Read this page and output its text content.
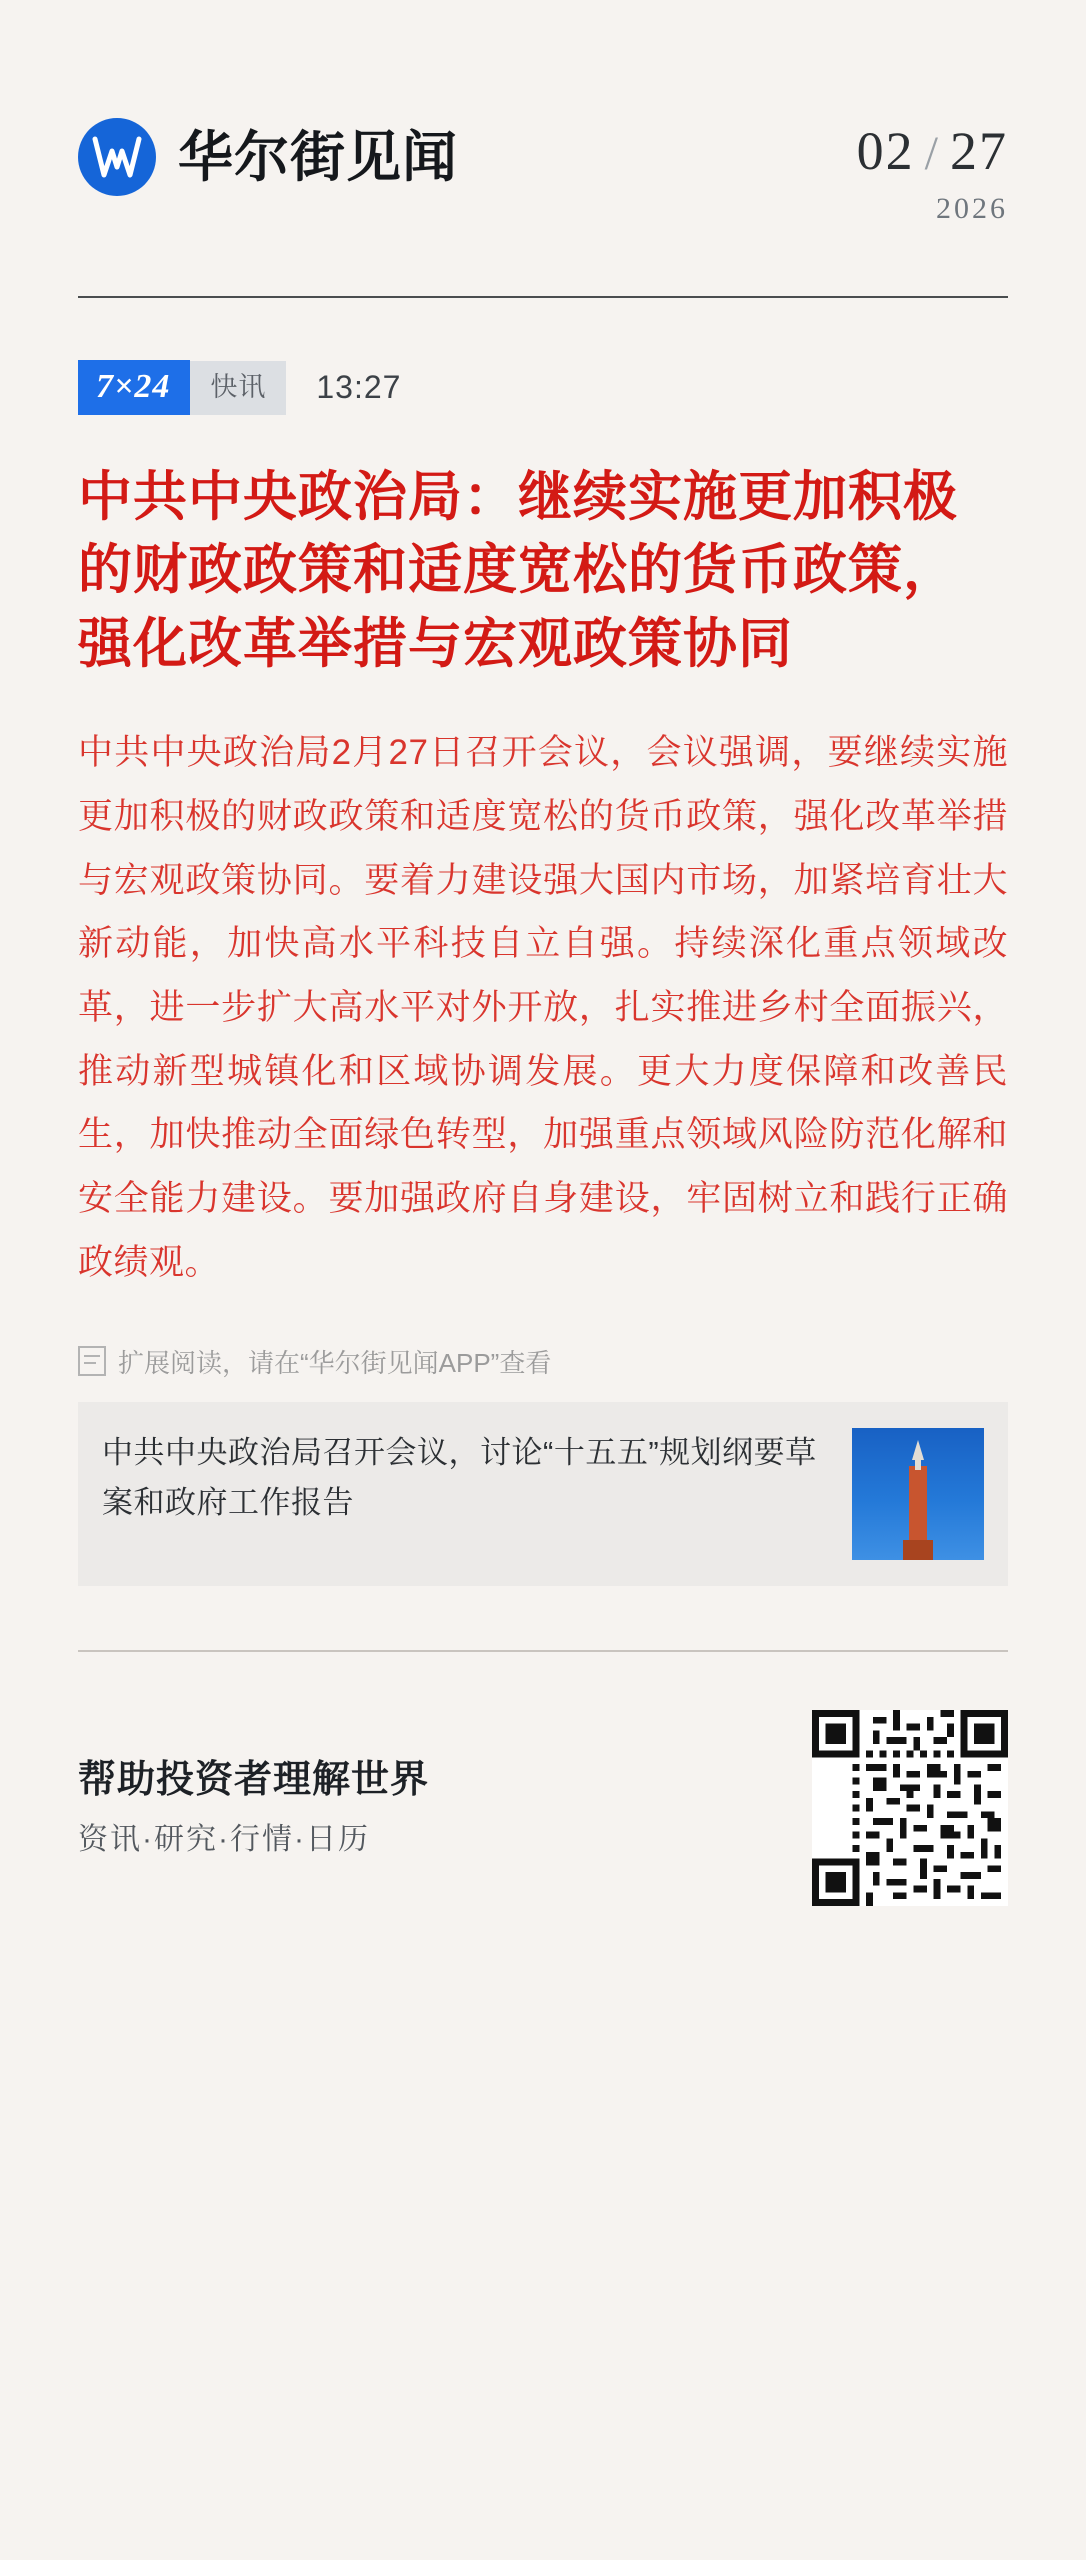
华尔街见闻	02 / 27
2026
7×24	快讯	13:27
中共中央政治局：继续实施更加积极的财政政策和适度宽松的货币政策，强化改革举措与宏观政策协同

中共中央政治局2月27日召开会议，会议强调，要继续实施更加积极的财政政策和适度宽松的货币政策，强化改革举措与宏观政策协同。要着力建设强大国内市场，加紧培育壮大新动能，加快高水平科技自立自强。持续深化重点领域改革，进一步扩大高水平对外开放，扎实推进乡村全面振兴，推动新型城镇化和区域协调发展。更大力度保障和改善民生，加快推动全面绿色转型，加强重点领域风险防范化解和安全能力建设。要加强政府自身建设，牢固树立和践行正确政绩观。

扩展阅读，请在“华尔街见闻APP”查看
中共中央政治局召开会议，讨论“十五五”规划纲要草案和政府工作报告
帮助投资者理解世界
资讯·研究·行情·日历
